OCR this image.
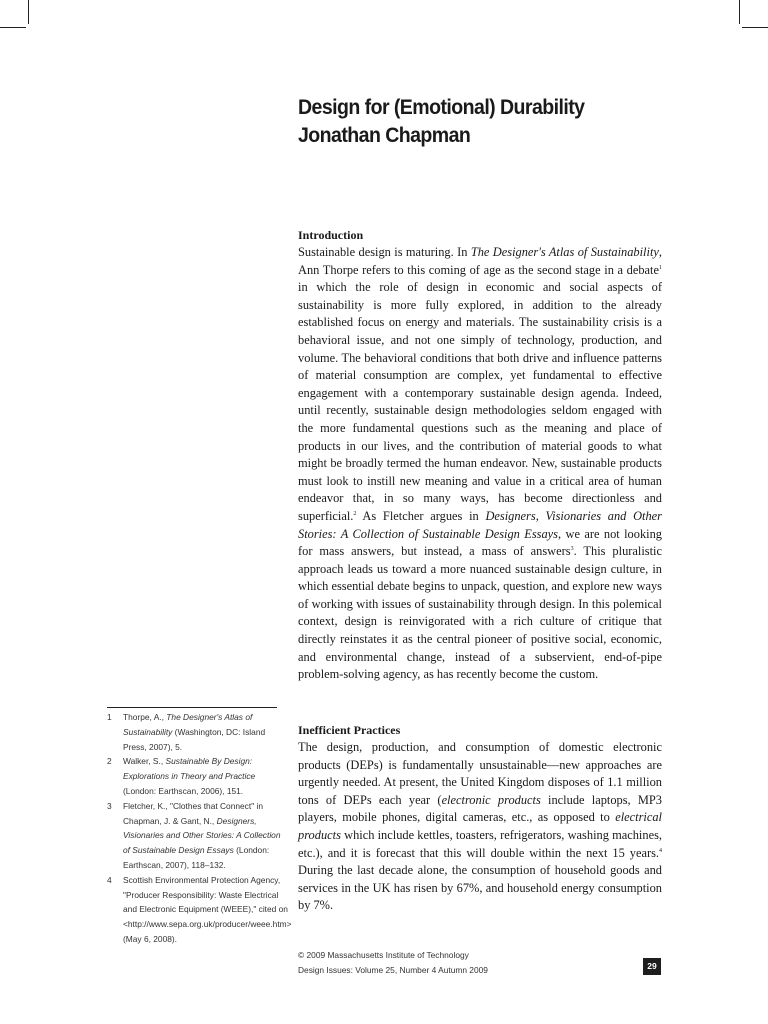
Design for (Emotional) Durability
Jonathan Chapman
Introduction

Sustainable design is maturing. In The Designer's Atlas of Sustainability, Ann Thorpe refers to this coming of age as the second stage in a debate$^1$ in which the role of design in economic and social aspects of sustainability is more fully explored, in addition to the already established focus on energy and materials. The sustainability crisis is a behavioral issue, and not one simply of technology, production, and volume. The behavioral conditions that both drive and influence patterns of material consumption are complex, yet fundamental to effective engagement with a contemporary sustainable design agenda. Indeed, until recently, sustainable design methodologies seldom engaged with the more fundamental questions such as the meaning and place of products in our lives, and the contribution of material goods to what might be broadly termed the human endeavor. New, sustainable products must look to instill new meaning and value in a critical area of human endeavor that, in so many ways, has become directionless and superficial.$^2$ As Fletcher argues in Designers, Visionaries and Other Stories: A Collection of Sustainable Design Essays, we are not looking for mass answers, but instead, a mass of answers$^3$. This pluralistic approach leads us toward a more nuanced sustainable design culture, in which essential debate begins to unpack, question, and explore new ways of working with issues of sustainability through design. In this polemical context, design is reinvigorated with a rich culture of critique that directly reinstates it as the central pioneer of positive social, economic, and environmental change, instead of a subservient, end-of-pipe problem-solving agency, as has recently become the custom.

Inefficient Practices

The design, production, and consumption of domestic electronic products (DEPs) is fundamentally unsustainable—new approaches are urgently needed. At present, the United Kingdom disposes of 1.1 million tons of DEPs each year (electronic products include laptops, MP3 players, mobile phones, digital cameras, etc., as opposed to electrical products which include kettles, toasters, refrigerators, washing machines, etc.), and it is forecast that this will double within the next 15 years.$^4$ During the last decade alone, the consumption of household goods and services in the UK has risen by 67%, and household energy consumption by 7%.

1	Thorpe, A., The Designer's Atlas of Sustainability (Washington, DC: Island Press, 2007), 5.
2	Walker, S., Sustainable By Design: Explorations in Theory and Practice (London: Earthscan, 2006), 151.
3	Fletcher, K., "Clothes that Connect" in Chapman, J. & Gant, N., Designers, Visionaries and Other Stories: A Collection of Sustainable Design Essays (London: Earthscan, 2007), 118–132.
4	Scottish Environmental Protection Agency, "Producer Responsibility: Waste Electrical and Electronic Equipment (WEEE)," cited on <http://www.sepa.org.uk/producer/weee.htm> (May 6, 2008).
© 2009 Massachusetts Institute of Technology
Design Issues: Volume 25, Number 4 Autumn 2009	29
